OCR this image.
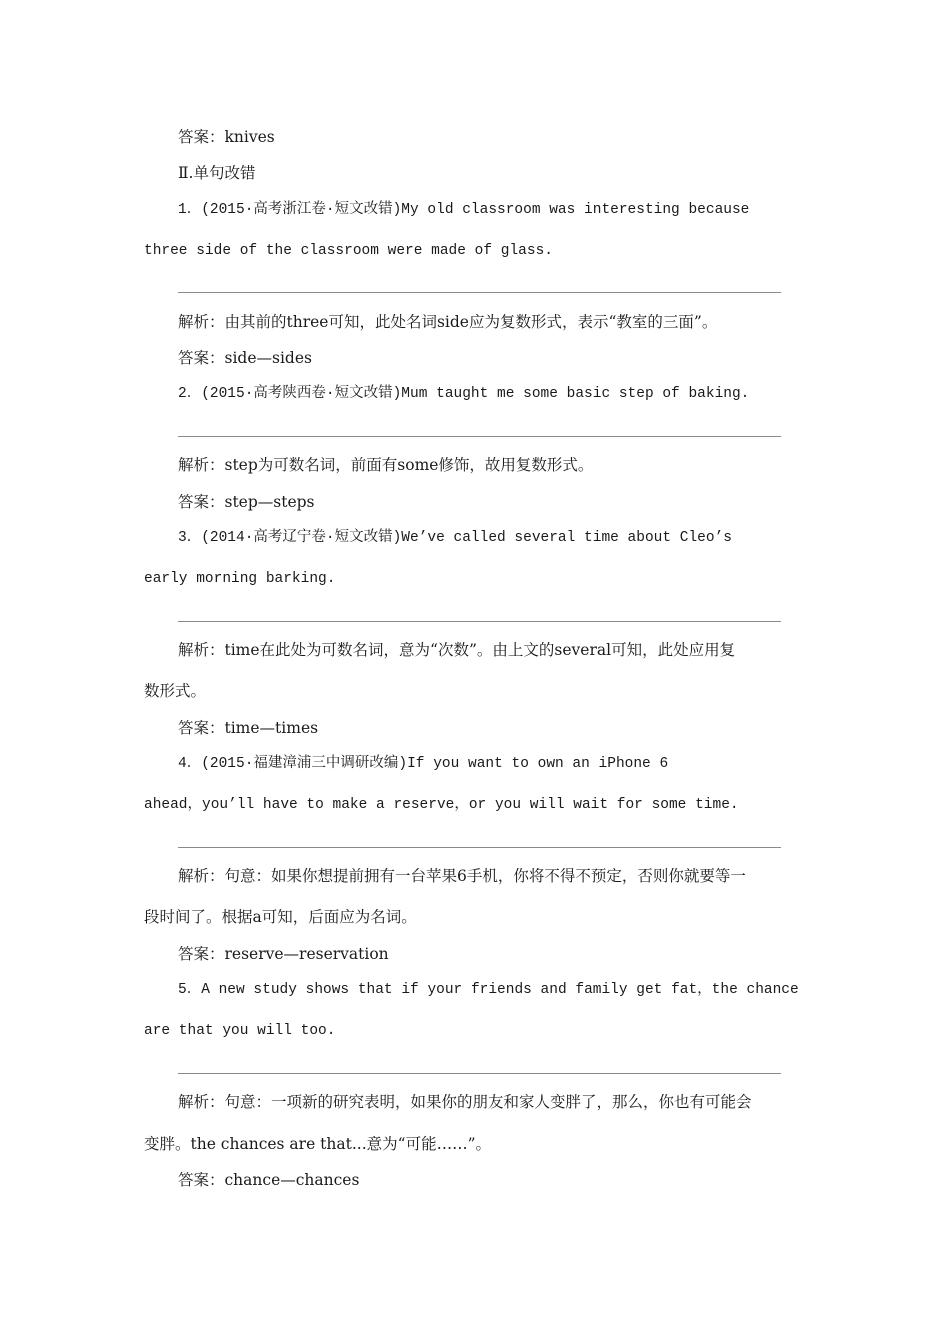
答案：knives
Ⅱ.单句改错
1．(2015·高考浙江卷·短文改错)My old classroom was interesting because
three side of the classroom were made of glass.
解析：由其前的three可知，此处名词side应为复数形式，表示“教室的三面”。
答案：side—sides
2．(2015·高考陕西卷·短文改错)Mum taught me some basic step of baking.
解析：step为可数名词，前面有some修饰，故用复数形式。
答案：step—steps
3．(2014·高考辽宁卷·短文改错)We’ve called several time about Cleo’s
early morning barking.
解析：time在此处为可数名词，意为“次数”。由上文的several可知，此处应用复
数形式。
答案：time—times
4．(2015·福建漳浦三中调研改编)If you want to own an iPhone 6
ahead，you’ll have to make a reserve，or you will wait for some time.
解析：句意：如果你想提前拥有一台苹果6手机，你将不得不预定，否则你就要等一
段时间了。根据a可知，后面应为名词。
答案：reserve—reservation
5．A new study shows that if your friends and family get fat，the chance
are that you will too.
解析：句意：一项新的研究表明，如果你的朋友和家人变胖了，那么，你也有可能会
变胖。the chances are that...意为“可能……”。
答案：chance—chances
